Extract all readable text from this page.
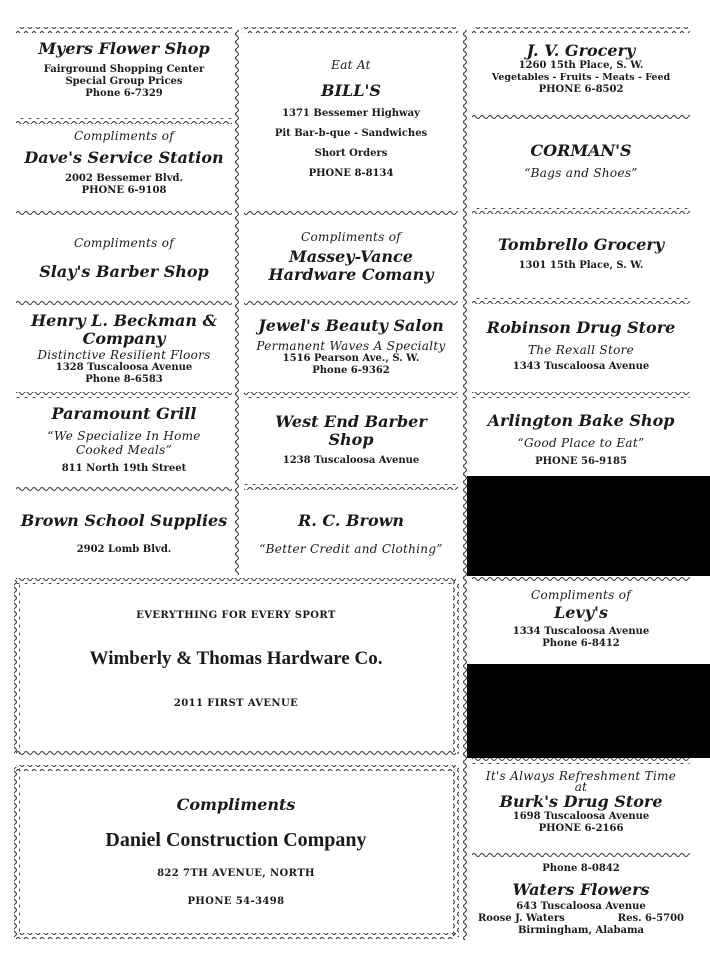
Myers Flower Shop
Fairground Shopping Center
Special Group Prices
Phone 6-7329
Compliments of
Dave's Service Station
2002 Bessemer Blvd.
PHONE 6-9108
Compliments of
Slay's Barber Shop
Henry L. Beckman &
Company
Distinctive Resilient Floors
1328 Tuscaloosa Avenue
Phone 8-6583
Paramount Grill
“We Specialize In Home
Cooked Meals”
811 North 19th Street
Brown School Supplies
2902 Lomb Blvd.
Eat At
BILL'S
1371 Bessemer Highway
Pit Bar-b-que - Sandwiches
Short Orders
PHONE 8-8134
Compliments of
Massey-Vance
Hardware Comany
Jewel's Beauty Salon
Permanent Waves A Specialty
1516 Pearson Ave., S. W.
Phone 6-9362
West End Barber
Shop
1238 Tuscaloosa Avenue
R. C. Brown
“Better Credit and Clothing”
J. V. Grocery
1260 15th Place, S. W.
Vegetables - Fruits - Meats - Feed
PHONE 6-8502
CORMAN'S
“Bags and Shoes”
Tombrello Grocery
1301 15th Place, S. W.
Robinson Drug Store
The Rexall Store
1343 Tuscaloosa Avenue
Arlington Bake Shop
“Good Place to Eat”
PHONE 56-9185
Compliments of
Levy's
1334 Tuscaloosa Avenue
Phone 6-8412
It's Always Refreshment Time
at
Burk's Drug Store
1698 Tuscaloosa Avenue
PHONE 6-2166
Phone 8-0842
Waters Flowers
643 Tuscaloosa Avenue
Roose J. Waters	Res. 6-5700
Birmingham, Alabama
EVERYTHING FOR EVERY SPORT
Wimberly & Thomas Hardware Co.
2011 FIRST AVENUE
Compliments
Daniel Construction Company
822 7TH AVENUE, NORTH
PHONE 54-3498
